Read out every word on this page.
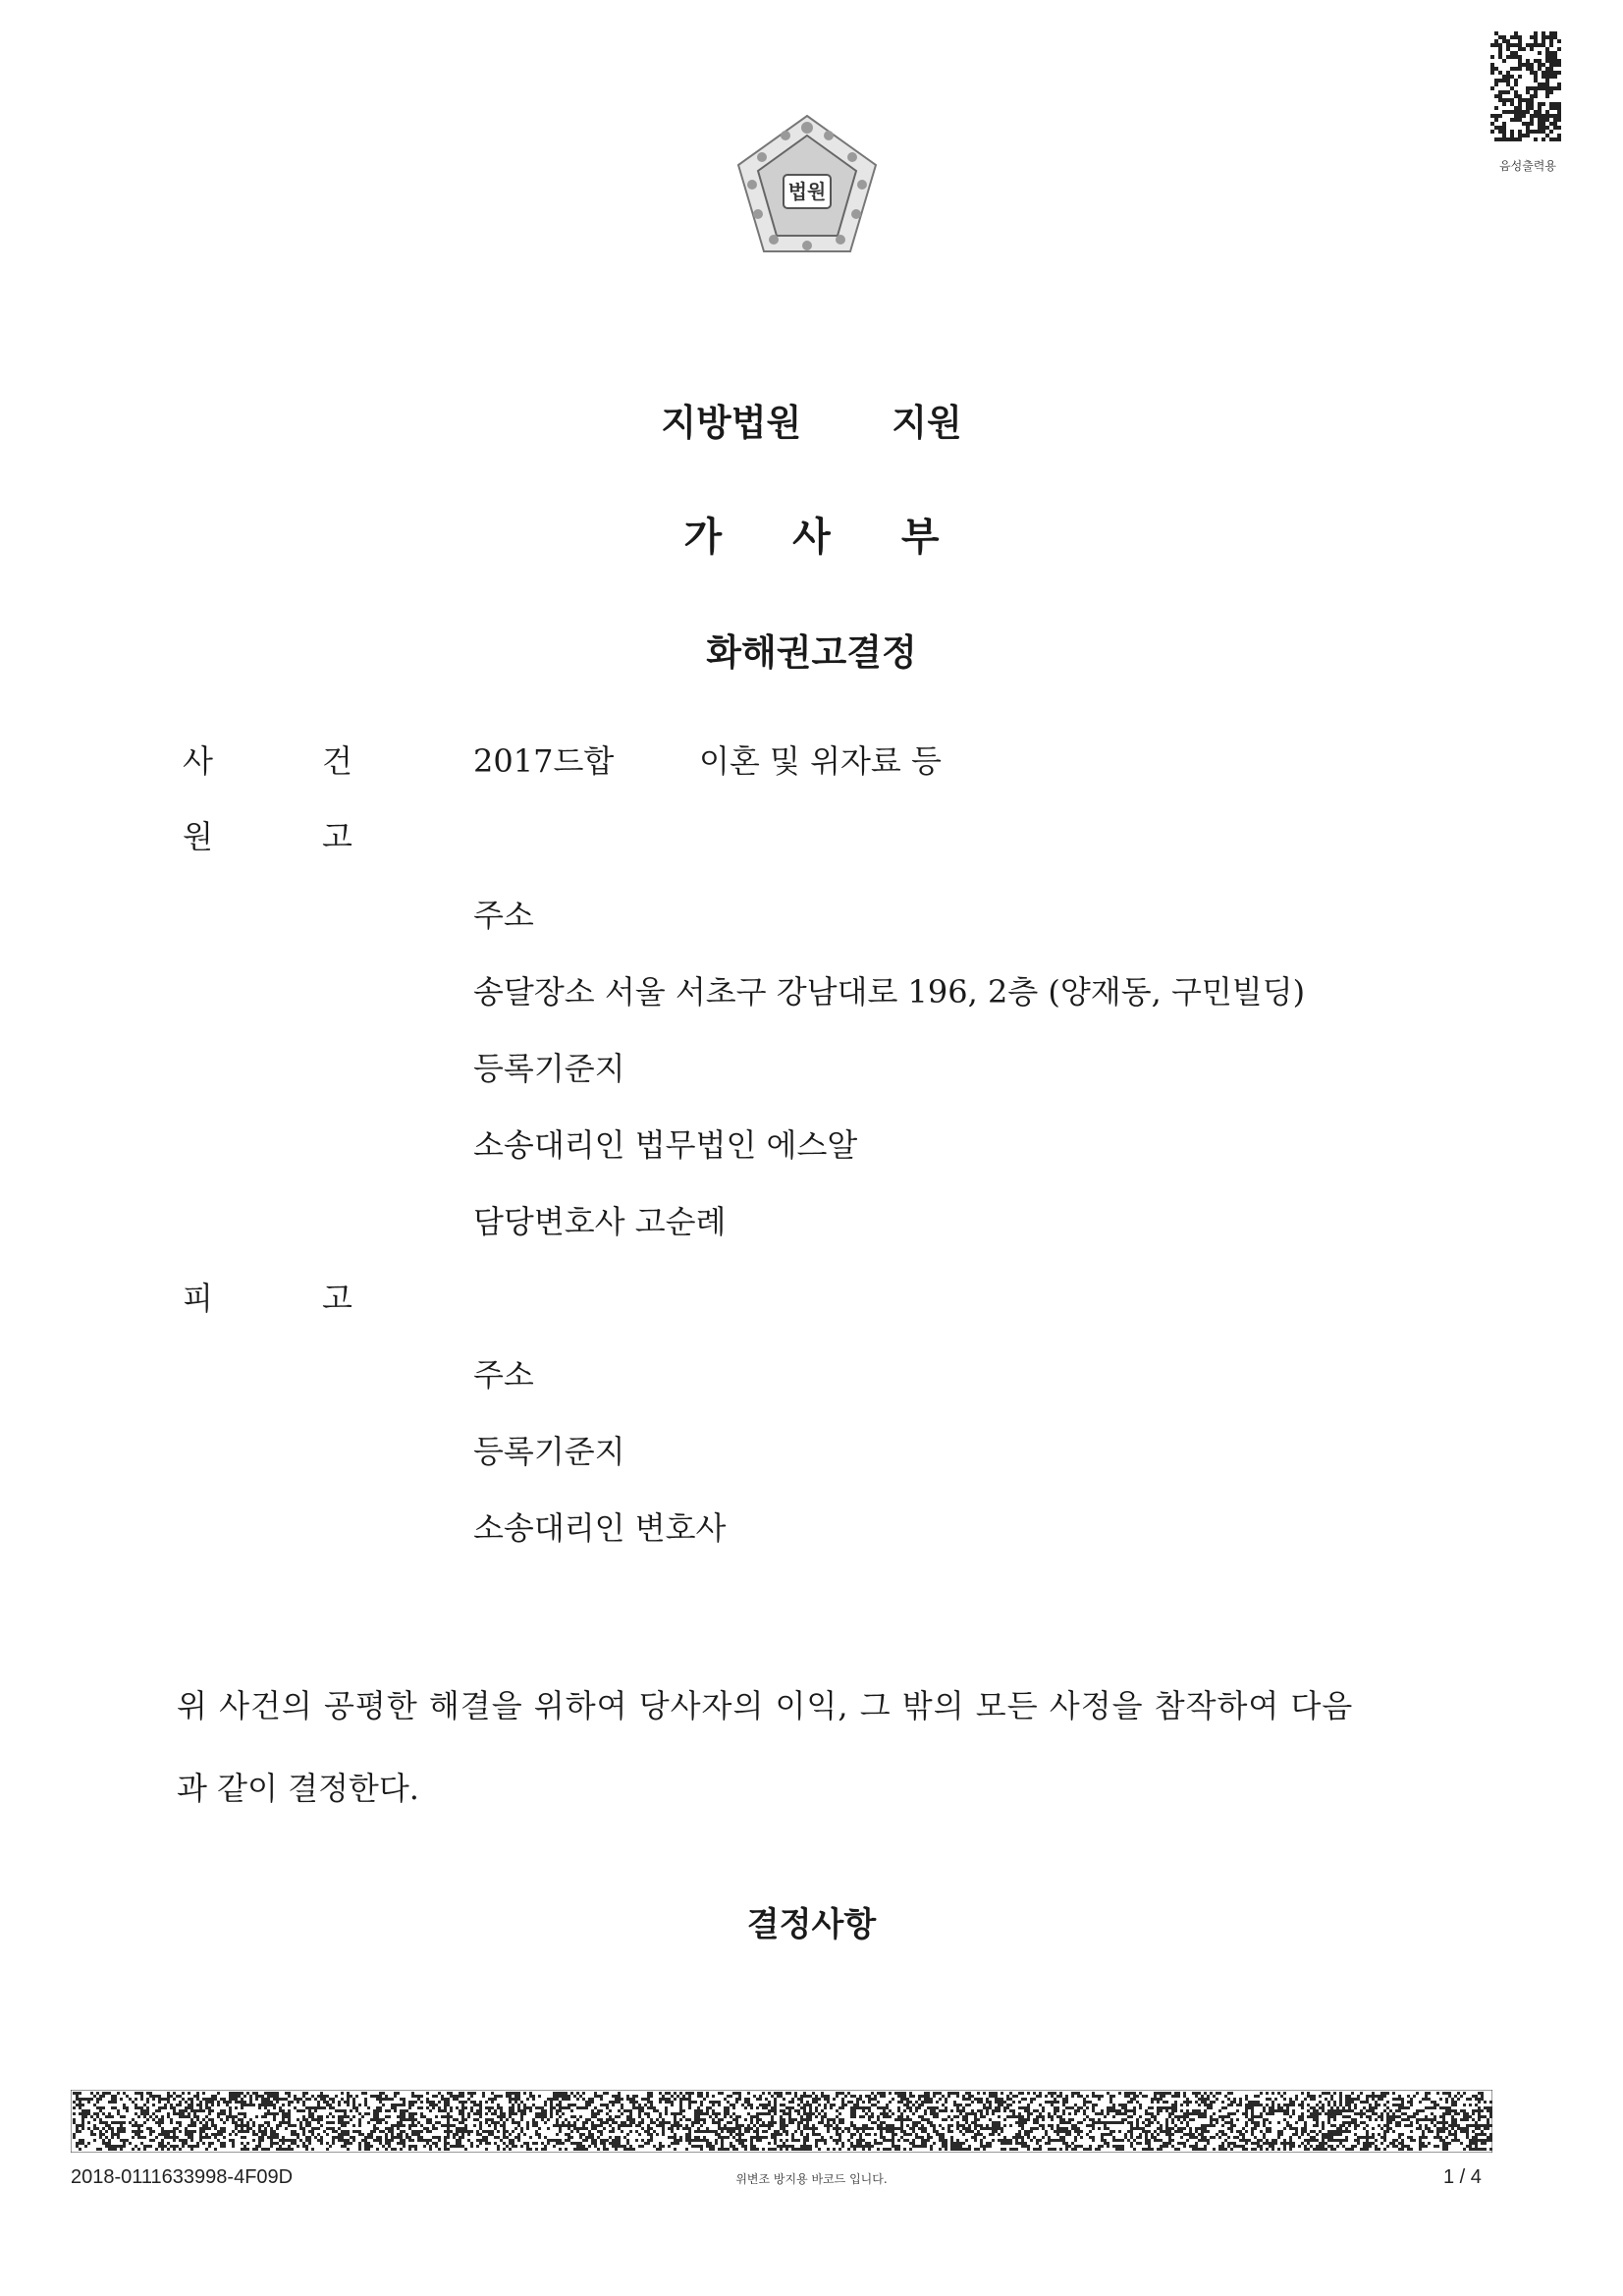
음성출력용
법원
지방법원 지원
가 사 부
화해권고결정
사	건	2017드합	이혼 및 위자료 등
원	고
주소
송달장소 서울 서초구 강남대로 196, 2층 (양재동, 구민빌딩)
등록기준지
소송대리인 법무법인 에스알
담당변호사 고순례
피	고
주소
등록기준지
소송대리인 변호사
위 사건의 공평한 해결을 위하여 당사자의 이익, 그 밖의 모든 사정을 참작하여 다음
과 같이 결정한다.
결정사항
2018-0111633998-4F09D	위변조 방지용 바코드 입니다.	1 / 4
